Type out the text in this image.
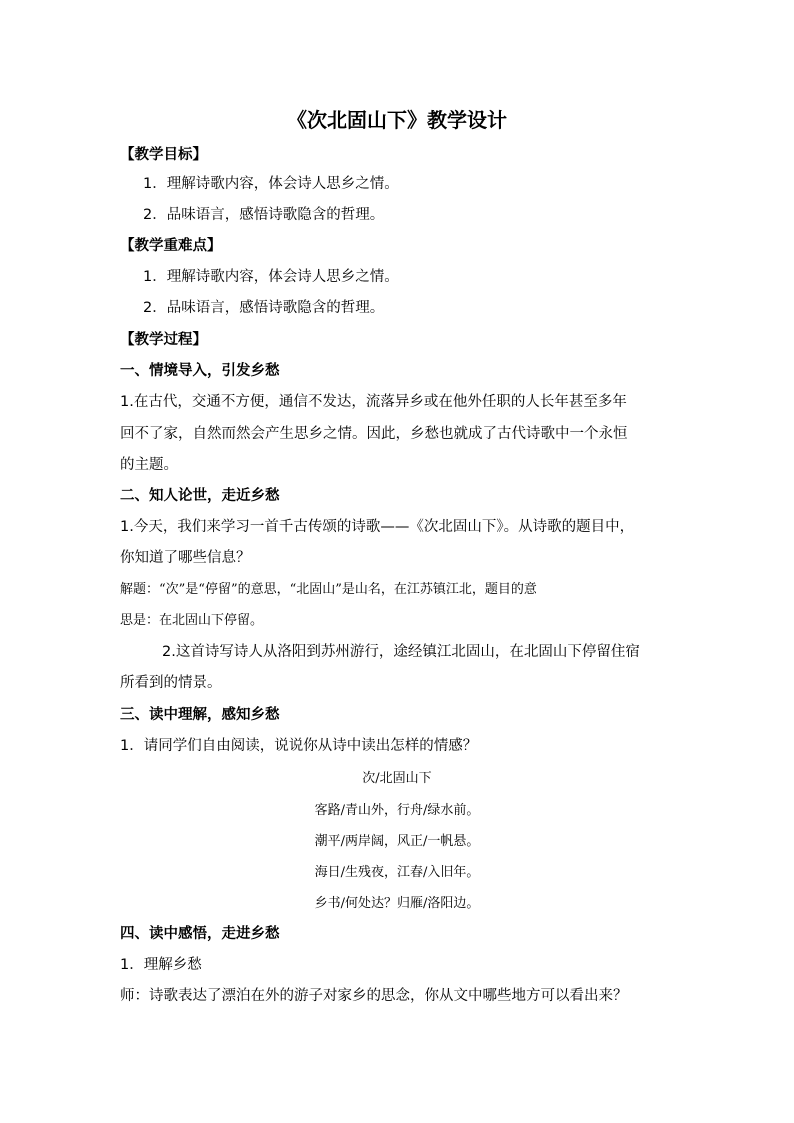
《次北固山下》教学设计
【教学目标】
1．理解诗歌内容，体会诗人思乡之情。
2．品味语言，感悟诗歌隐含的哲理。
【教学重难点】
1．理解诗歌内容，体会诗人思乡之情。
2．品味语言，感悟诗歌隐含的哲理。
【教学过程】
一、情境导入，引发乡愁
1.在古代，交通不方便，通信不发达，流落异乡或在他外任职的人长年甚至多年
回不了家，自然而然会产生思乡之情。因此，乡愁也就成了古代诗歌中一个永恒
的主题。
二、知人论世，走近乡愁
1.今天，我们来学习一首千古传颂的诗歌——《次北固山下》。从诗歌的题目中，
你知道了哪些信息？
解题：“次”是“停留”的意思，“北固山”是山名，在江苏镇江北，题目的意
思是：在北固山下停留。
2.这首诗写诗人从洛阳到苏州游行，途经镇江北固山，在北固山下停留住宿
所看到的情景。
三、读中理解，感知乡愁
1．请同学们自由阅读，说说你从诗中读出怎样的情感？
次/北固山下
客路/青山外，行舟/绿水前。
潮平/两岸阔，风正/一帆悬。
海日/生残夜，江春/入旧年。
乡书/何处达？归雁/洛阳边。
四、读中感悟，走进乡愁
1．理解乡愁
师：诗歌表达了漂泊在外的游子对家乡的思念，你从文中哪些地方可以看出来？
